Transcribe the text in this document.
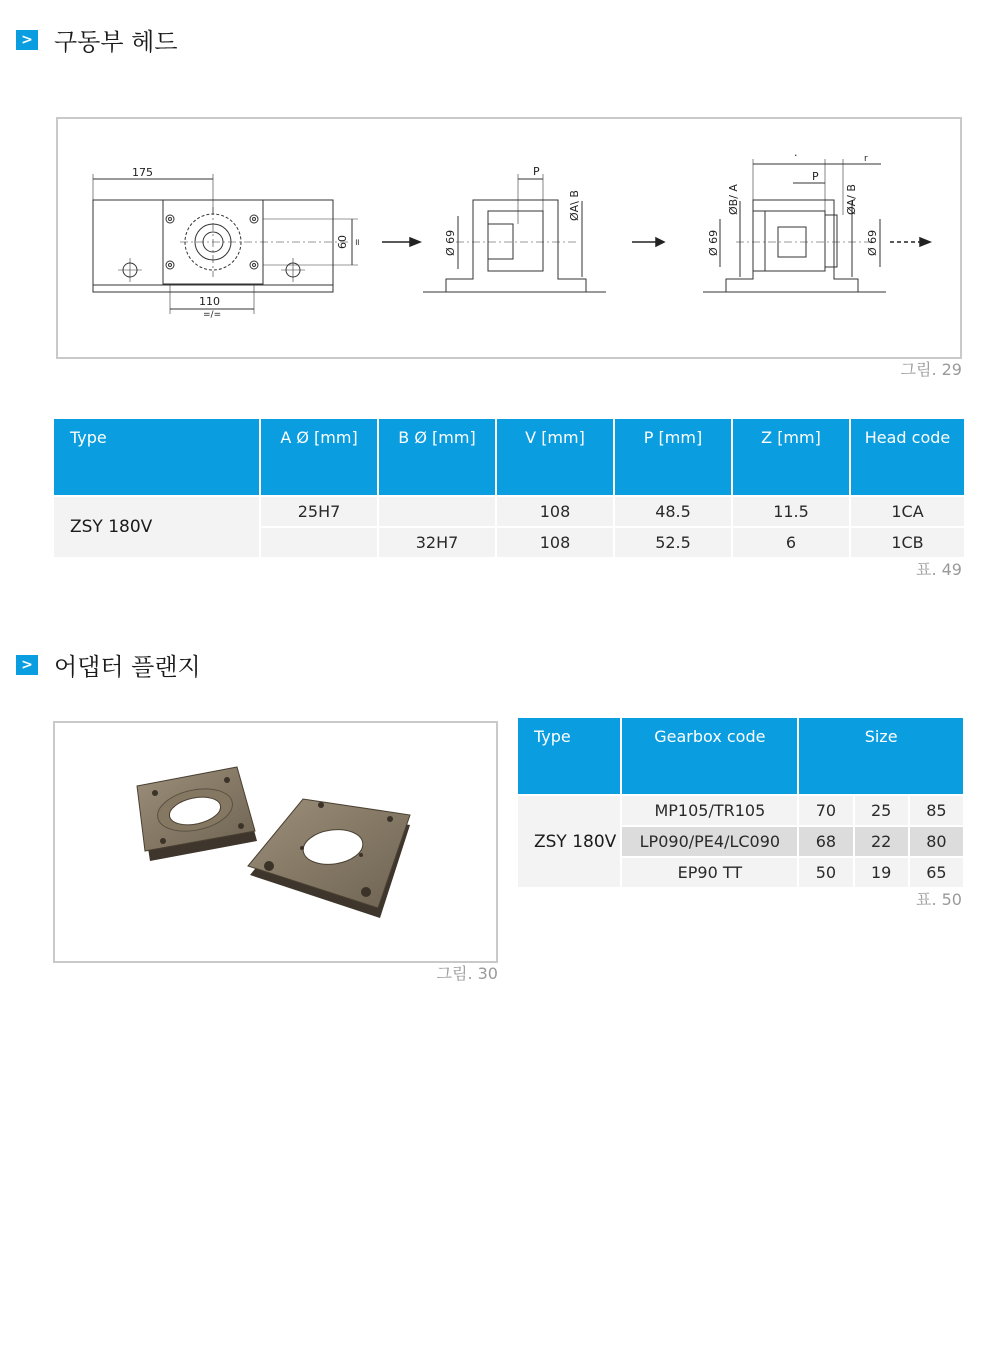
> 구동부 헤드
175
110
=/=
60 =
P
ØA\ B
Ø 69
P
·	r
ØB/ A	ØA/ B
Ø 69	Ø 69
그림. 29
Type	A Ø [mm]	B Ø [mm]	V [mm]	P [mm]	Z [mm]	Head code
ZSY 180V	25H7		108	48.5	11.5	1CA
		32H7	108	52.5	6	1CB
표. 49
> 어댑터 플랜지
그림. 30
Type	Gearbox code	Size		
ZSY 180V	MP105/TR105	70	25	85
	LP090/PE4/LC090	68	22	80
	EP90 TT	50	19	65
표. 50
